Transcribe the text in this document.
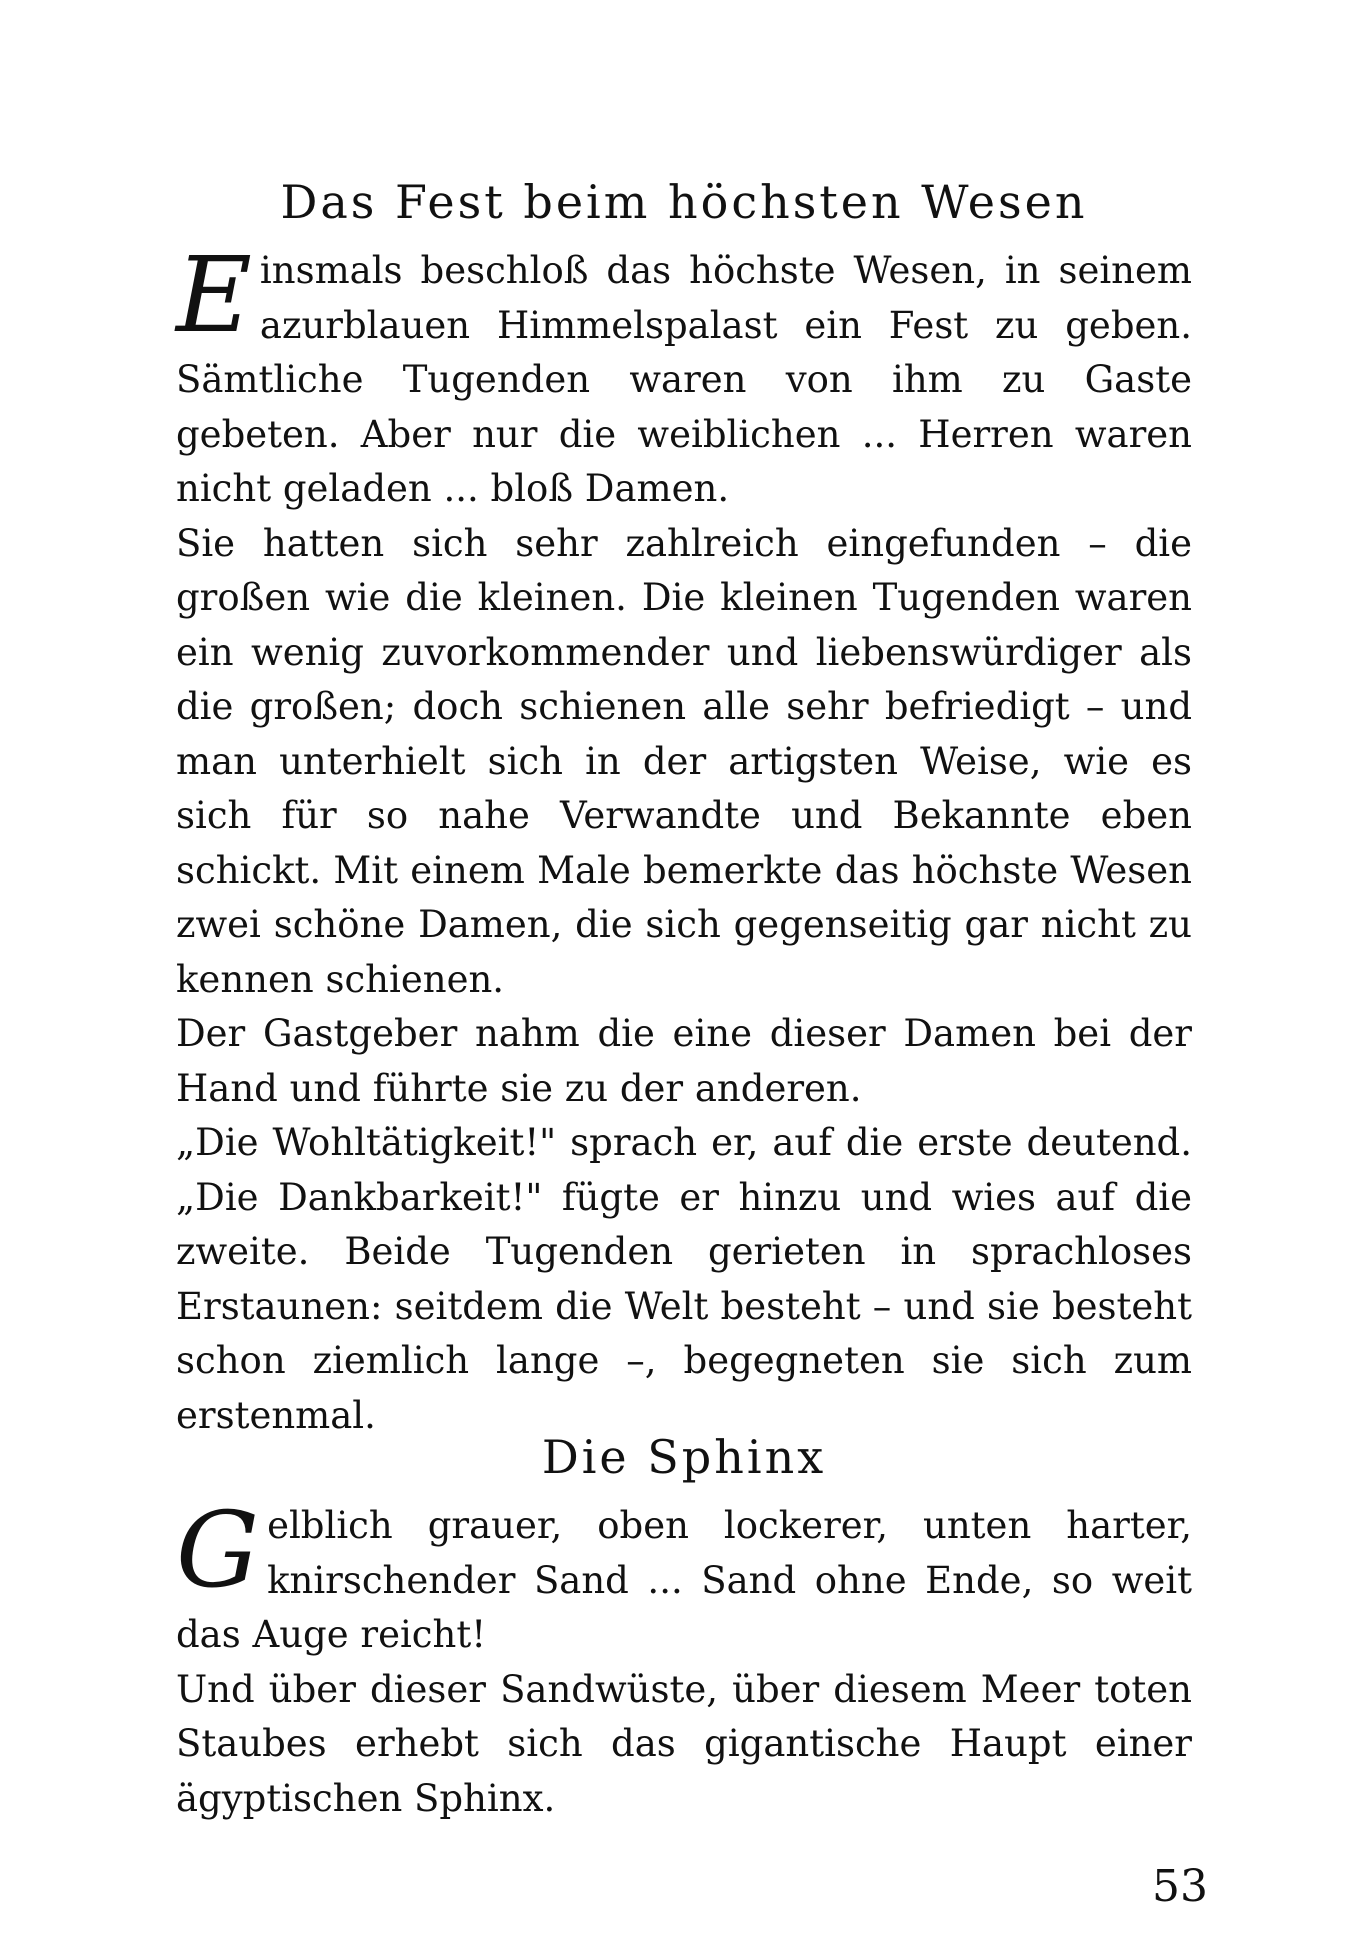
Das Fest beim höchsten Wesen

Einsmals beschloß das höchste Wesen, in seinem azurblauen Himmelspalast ein Fest zu geben. Sämtliche Tugenden waren von ihm zu Gaste gebeten. Aber nur die weiblichen ... Herren waren nicht geladen ... bloß Damen.

Sie hatten sich sehr zahlreich eingefunden – die großen wie die kleinen. Die kleinen Tugenden waren ein wenig zuvorkommender und liebenswürdiger als die großen; doch schienen alle sehr befriedigt – und man unterhielt sich in der artigsten Weise, wie es sich für so nahe Verwandte und Bekannte eben schickt. Mit einem Male bemerkte das höchste Wesen zwei schöne Damen, die sich gegenseitig gar nicht zu kennen schienen.

Der Gastgeber nahm die eine dieser Damen bei der Hand und führte sie zu der anderen.

„Die Wohltätigkeit!" sprach er, auf die erste deutend. „Die Dankbarkeit!" fügte er hinzu und wies auf die zweite. Beide Tugenden gerieten in sprachloses Erstaunen: seitdem die Welt besteht – und sie besteht schon ziemlich lange –, begegneten sie sich zum erstenmal.

Die Sphinx

Gelblich grauer, oben lockerer, unten harter, knirschender Sand ... Sand ohne Ende, so weit das Auge reicht!

Und über dieser Sandwüste, über diesem Meer toten Staubes erhebt sich das gigantische Haupt einer ägyptischen Sphinx.

53
